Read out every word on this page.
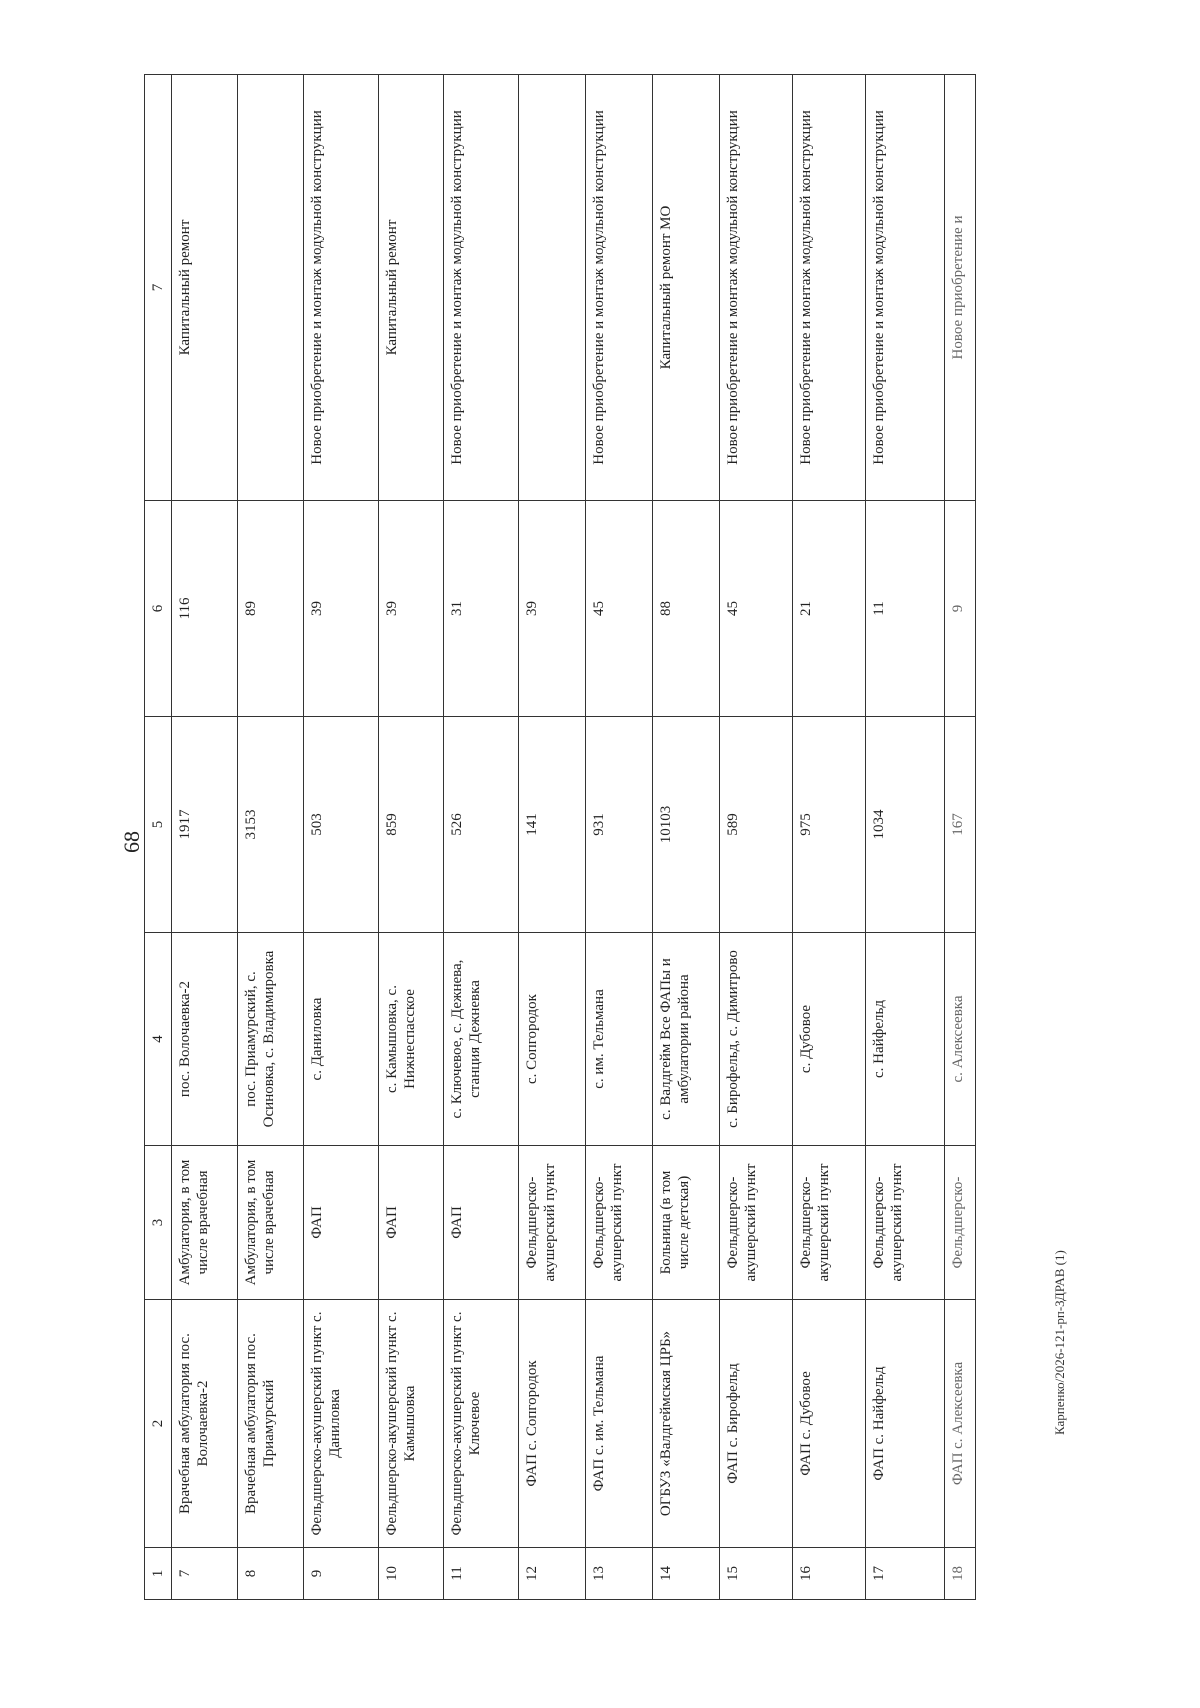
68
1	2	3	4	5	6	7
7	Врачебная амбулатория пос. Волочаевка-2	Амбулатория, в том числе врачебная	пос. Волочаевка-2	1917	116	Капитальный ремонт
8	Врачебная амбулатория пос. Приамурский	Амбулатория, в том числе врачебная	пос. Приамурский, с. Осиновка, с. Владимировка	3153	89	
9	Фельдшерско-акушерский пункт с. Даниловка	ФАП	с. Даниловка	503	39	Новое приобретение и монтаж модульной конструкции
10	Фельдшерско-акушерский пункт с. Камышовка	ФАП	с. Камышовка, с. Нижнеспасское	859	39	Капитальный ремонт
11	Фельдшерско-акушерский пункт с. Ключевое	ФАП	с. Ключевое, с. Дежнева, станция Дежневка	526	31	Новое приобретение и монтаж модульной конструкции
12	ФАП с. Сопгородок	Фельдшерско-акушерский пункт	с. Сопгородок	141	39	
13	ФАП с. им. Тельмана	Фельдшерско-акушерский пункт	с. им. Тельмана	931	45	Новое приобретение и монтаж модульной конструкции
14	ОГБУЗ «Валдгеймская ЦРБ»	Больница (в том числе детская)	с. Валдгейм Все ФАПы и амбулатории района	10103	88	Капитальный ремонт МО
15	ФАП с. Бирофельд	Фельдшерско-акушерский пункт	с. Бирофельд, с. Димитрово	589	45	Новое приобретение и монтаж модульной конструкции
16	ФАП с. Дубовое	Фельдшерско-акушерский пункт	с. Дубовое	975	21	Новое приобретение и монтаж модульной конструкции
17	ФАП с. Найфельд	Фельдшерско-акушерский пункт	с. Найфельд	1034	11	Новое приобретение и монтаж модульной конструкции
18	ФАП с. Алексеевка	Фельдшерско-	с. Алексеевка	167	9	Новое приобретение и
Карпенко/2026-121-рп-ЗДРАВ (1)
